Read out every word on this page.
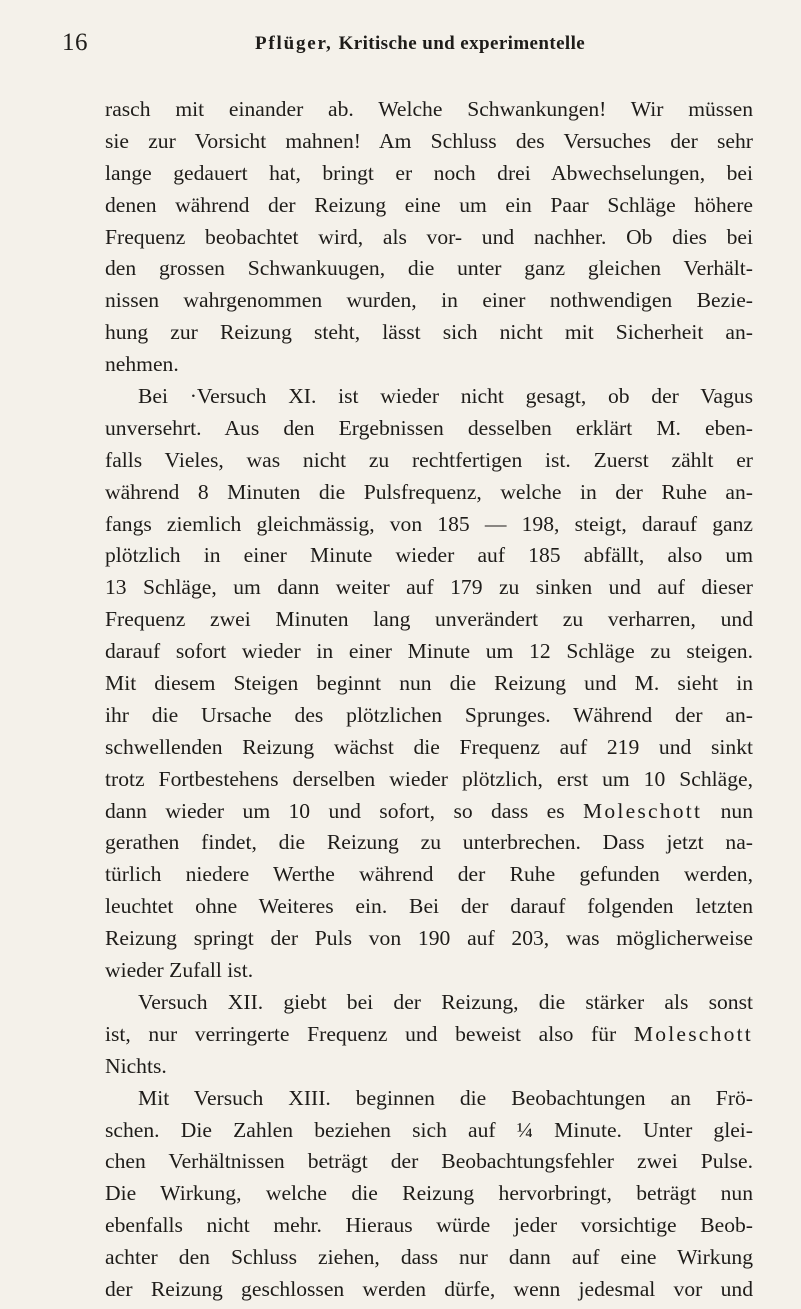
16	Pflüger, Kritische und experimentelle
rasch mit einander ab. Welche Schwankungen! Wir müssen
sie zur Vorsicht mahnen! Am Schluss des Versuches der sehr
lange gedauert hat, bringt er noch drei Abwechselungen, bei
denen während der Reizung eine um ein Paar Schläge höhere
Frequenz beobachtet wird, als vor- und nachher. Ob dies bei
den grossen Schwankuugen, die unter ganz gleichen Verhält-
nissen wahrgenommen wurden, in einer nothwendigen Bezie-
hung zur Reizung steht, lässt sich nicht mit Sicherheit an-
nehmen.
Bei ·Versuch XI. ist wieder nicht gesagt, ob der Vagus
unversehrt. Aus den Ergebnissen desselben erklärt M. eben-
falls Vieles, was nicht zu rechtfertigen ist. Zuerst zählt er
während 8 Minuten die Pulsfrequenz, welche in der Ruhe an-
fangs ziemlich gleichmässig, von 185 — 198, steigt, darauf ganz
plötzlich in einer Minute wieder auf 185 abfällt, also um
13 Schläge, um dann weiter auf 179 zu sinken und auf dieser
Frequenz zwei Minuten lang unverändert zu verharren, und
darauf sofort wieder in einer Minute um 12 Schläge zu steigen.
Mit diesem Steigen beginnt nun die Reizung und M. sieht in
ihr die Ursache des plötzlichen Sprunges. Während der an-
schwellenden Reizung wächst die Frequenz auf 219 und sinkt
trotz Fortbestehens derselben wieder plötzlich, erst um 10 Schläge,
dann wieder um 10 und sofort, so dass es Moleschott nun
gerathen findet, die Reizung zu unterbrechen. Dass jetzt na-
türlich niedere Werthe während der Ruhe gefunden werden,
leuchtet ohne Weiteres ein. Bei der darauf folgenden letzten
Reizung springt der Puls von 190 auf 203, was möglicherweise
wieder Zufall ist.
Versuch XII. giebt bei der Reizung, die stärker als sonst
ist, nur verringerte Frequenz und beweist also für Moleschott
Nichts.
Mit Versuch XIII. beginnen die Beobachtungen an Frö-
schen. Die Zahlen beziehen sich auf ¼ Minute. Unter glei-
chen Verhältnissen beträgt der Beobachtungsfehler zwei Pulse.
Die Wirkung, welche die Reizung hervorbringt, beträgt nun
ebenfalls nicht mehr. Hieraus würde jeder vorsichtige Beob-
achter den Schluss ziehen, dass nur dann auf eine Wirkung
der Reizung geschlossen werden dürfe, wenn jedesmal vor und
